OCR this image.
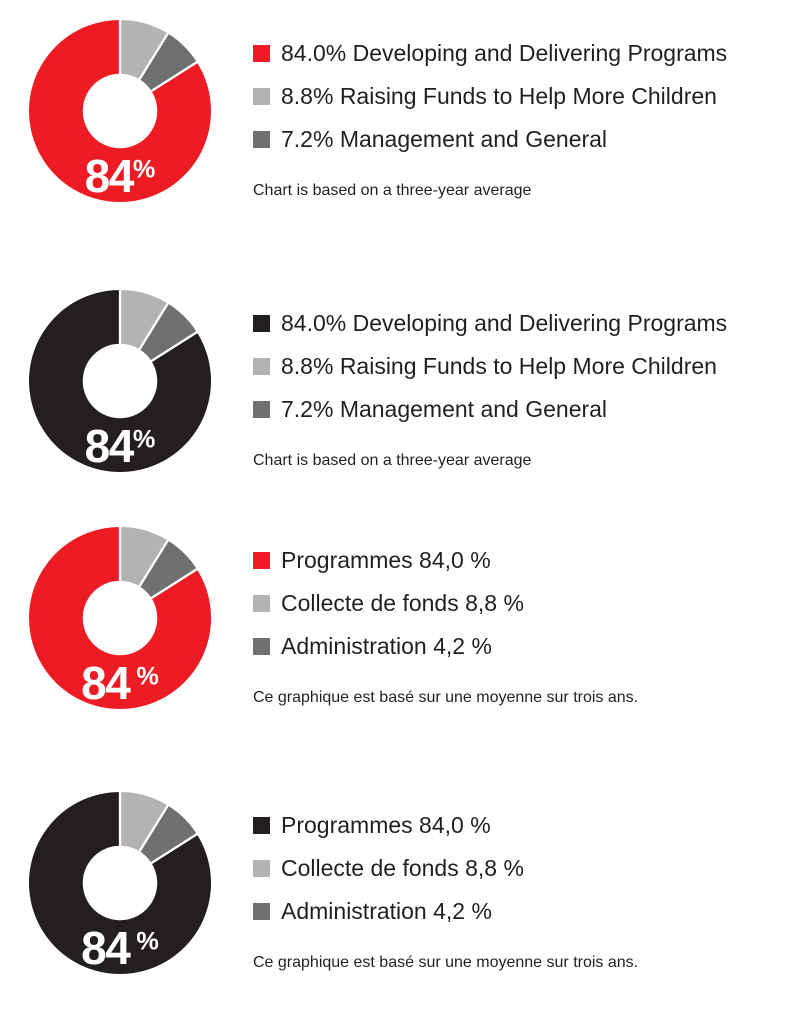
84%
84.0% Developing and Delivering Programs
8.8% Raising Funds to Help More Children
7.2% Management and General
Chart is based on a three-year average
84%
84.0% Developing and Delivering Programs
8.8% Raising Funds to Help More Children
7.2% Management and General
Chart is based on a three-year average
84 %
Programmes 84,0 %
Collecte de fonds 8,8 %
Administration 4,2 %
Ce graphique est basé sur une moyenne sur trois ans.
84 %
Programmes 84,0 %
Collecte de fonds 8,8 %
Administration 4,2 %
Ce graphique est basé sur une moyenne sur trois ans.
